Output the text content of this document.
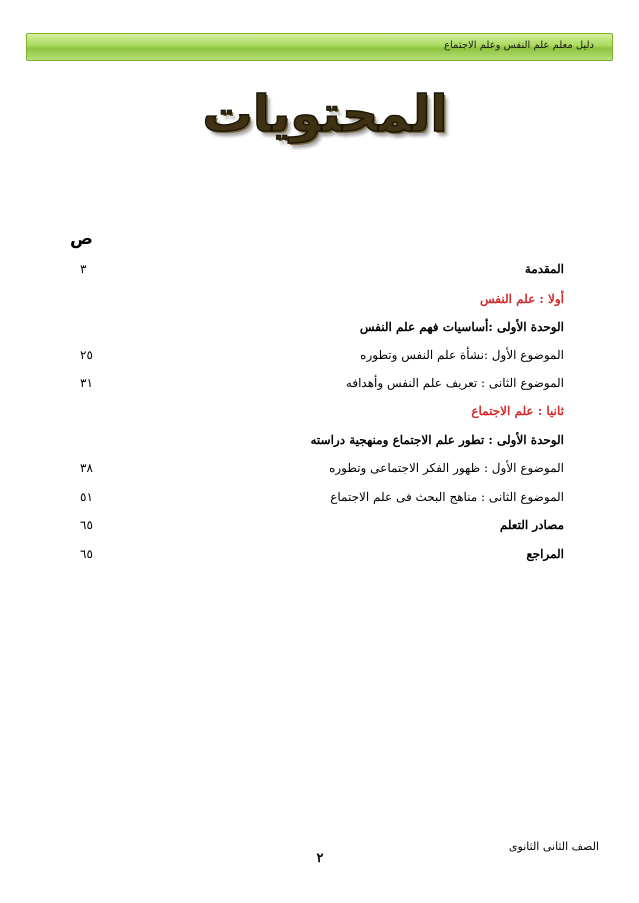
دليل معلم علم النفس وعلم الاجتماع
المحتويات
ص
المقدمة
٣
أولا : علم النفس
الوحدة الأولى :أساسيات فهم علم النفس
الموضوع الأول :نشأة علم النفس وتطوره
٢٥
الموضوع الثانى : تعريف علم النفس وأهدافه
٣١
ثانيا : علم الاجتماع
الوحدة الأولى : تطور علم الاجتماع ومنهجية دراسته
الموضوع الأول : ظهور الفكر الاجتماعى وتطوره
٣٨
الموضوع الثانى : مناهج البحث فى علم الاجتماع
٥١
مصادر التعلم
٦٥
المراجع
٦٥
الصف الثانى الثانوى
٢
